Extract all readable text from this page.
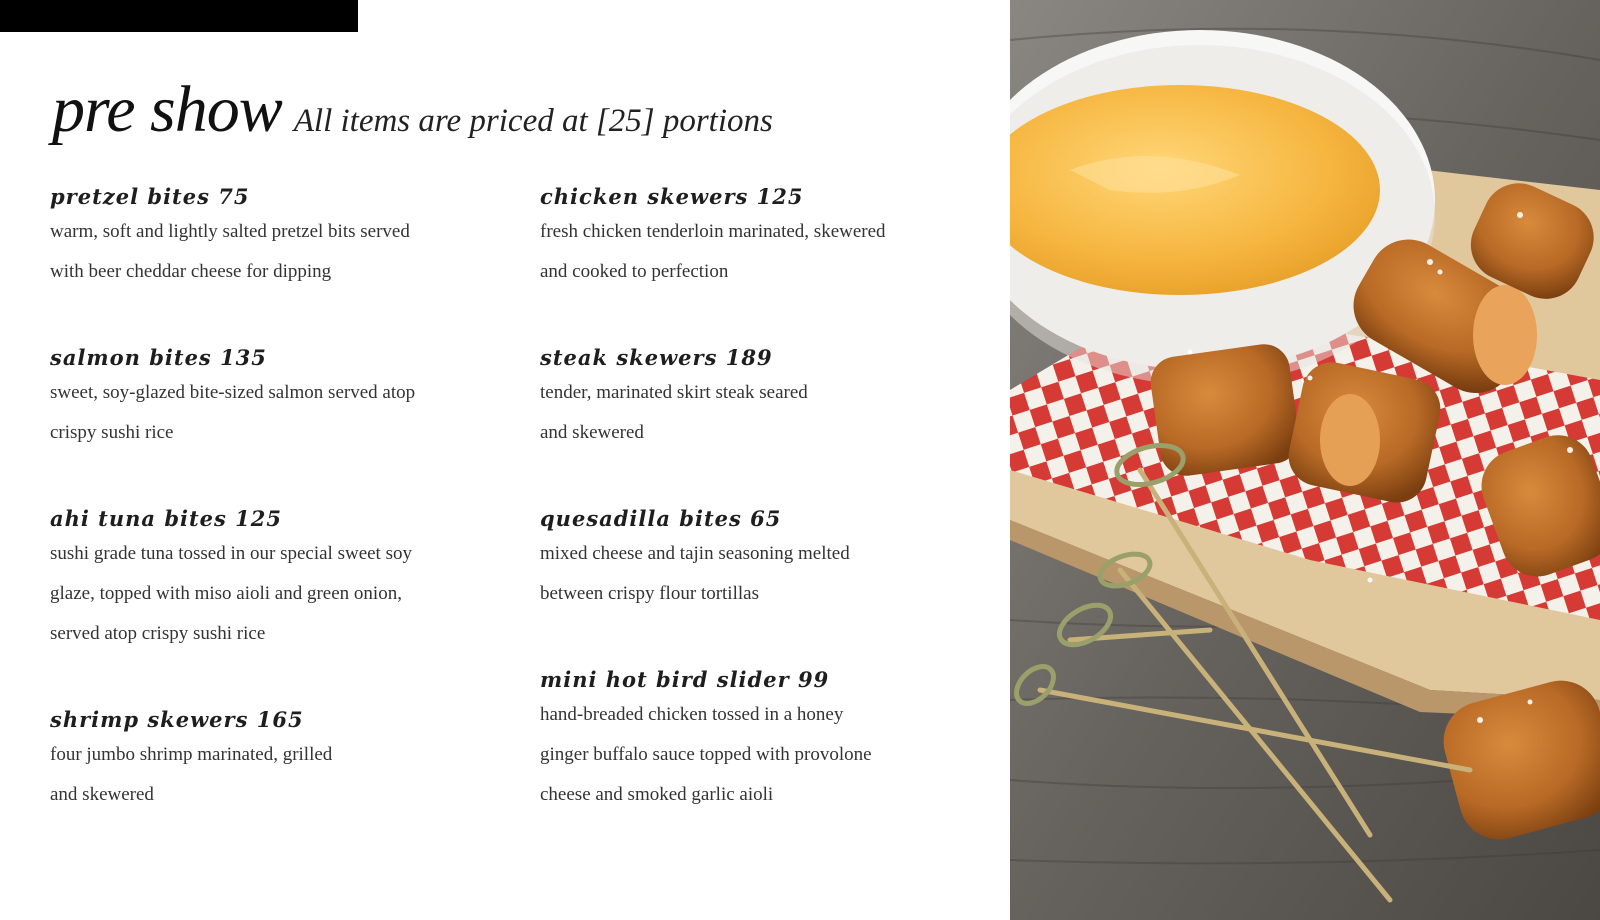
pre show All items are priced at [25] portions

pretzel bites 75

warm, soft and lightly salted pretzel bits served

with beer cheddar cheese for dipping

salmon bites 135

sweet, soy-glazed bite-sized salmon served atop

crispy sushi rice

ahi tuna bites 125

sushi grade tuna tossed in our special sweet soy

glaze, topped with miso aioli and green onion,

served atop crispy sushi rice

shrimp skewers 165

four jumbo shrimp marinated, grilled

and skewered

chicken skewers 125

fresh chicken tenderloin marinated, skewered

and cooked to perfection

steak skewers 189

tender, marinated skirt steak seared

and skewered

quesadilla bites 65

mixed cheese and tajin seasoning melted

between crispy flour tortillas

mini hot bird slider 99

hand-breaded chicken tossed in a honey

ginger buffalo sauce topped with provolone

cheese and smoked garlic aioli
